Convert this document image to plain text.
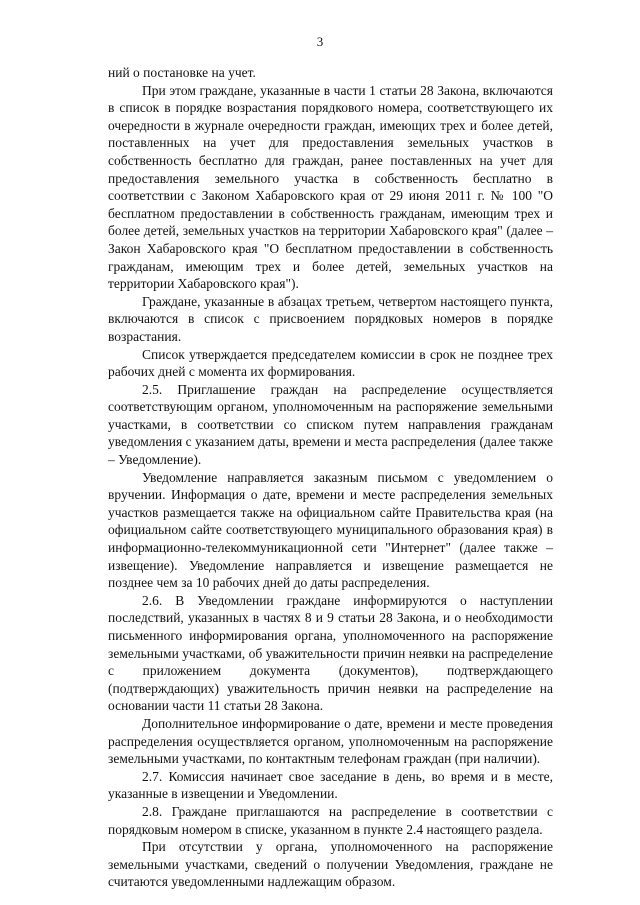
3

ний о постановке на учет.

При этом граждане, указанные в части 1 статьи 28 Закона, включаются в список в порядке возрастания порядкового номера, соответствующего их очередности в журнале очередности граждан, имеющих трех и более детей, поставленных на учет для предоставления земельных участков в собственность бесплатно для граждан, ранее поставленных на учет для предоставления земельного участка в собственность бесплатно в соответствии с Законом Хабаровского края от 29 июня 2011 г. № 100 "О бесплатном предоставлении в собственность гражданам, имеющим трех и более детей, земельных участков на территории Хабаровского края" (далее – Закон Хабаровского края "О бесплатном предоставлении в собственность гражданам, имеющим трех и более детей, земельных участков на территории Хабаровского края").

Граждане, указанные в абзацах третьем, четвертом настоящего пункта, включаются в список с присвоением порядковых номеров в порядке возрастания.

Список утверждается председателем комиссии в срок не позднее трех рабочих дней с момента их формирования.

2.5. Приглашение граждан на распределение осуществляется соответствующим органом, уполномоченным на распоряжение земельными участками, в соответствии со списком путем направления гражданам уведомления с указанием даты, времени и места распределения (далее также – Уведомление).

Уведомление направляется заказным письмом с уведомлением о вручении. Информация о дате, времени и месте распределения земельных участков размещается также на официальном сайте Правительства края (на официальном сайте соответствующего муниципального образования края) в информационно-телекоммуникационной сети "Интернет" (далее также – извещение). Уведомление направляется и извещение размещается не позднее чем за 10 рабочих дней до даты распределения.

2.6. В Уведомлении граждане информируются о наступлении последствий, указанных в частях 8 и 9 статьи 28 Закона, и о необходимости письменного информирования органа, уполномоченного на распоряжение земельными участками, об уважительности причин неявки на распределение с приложением документа (документов), подтверждающего (подтверждающих) уважительность причин неявки на распределение на основании части 11 статьи 28 Закона.

Дополнительное информирование о дате, времени и месте проведения распределения осуществляется органом, уполномоченным на распоряжение земельными участками, по контактным телефонам граждан (при наличии).

2.7. Комиссия начинает свое заседание в день, во время и в месте, указанные в извещении и Уведомлении.

2.8. Граждане приглашаются на распределение в соответствии с порядковым номером в списке, указанном в пункте 2.4 настоящего раздела.

При отсутствии у органа, уполномоченного на распоряжение земельными участками, сведений о получении Уведомления, граждане не считаются уведомленными надлежащим образом.
